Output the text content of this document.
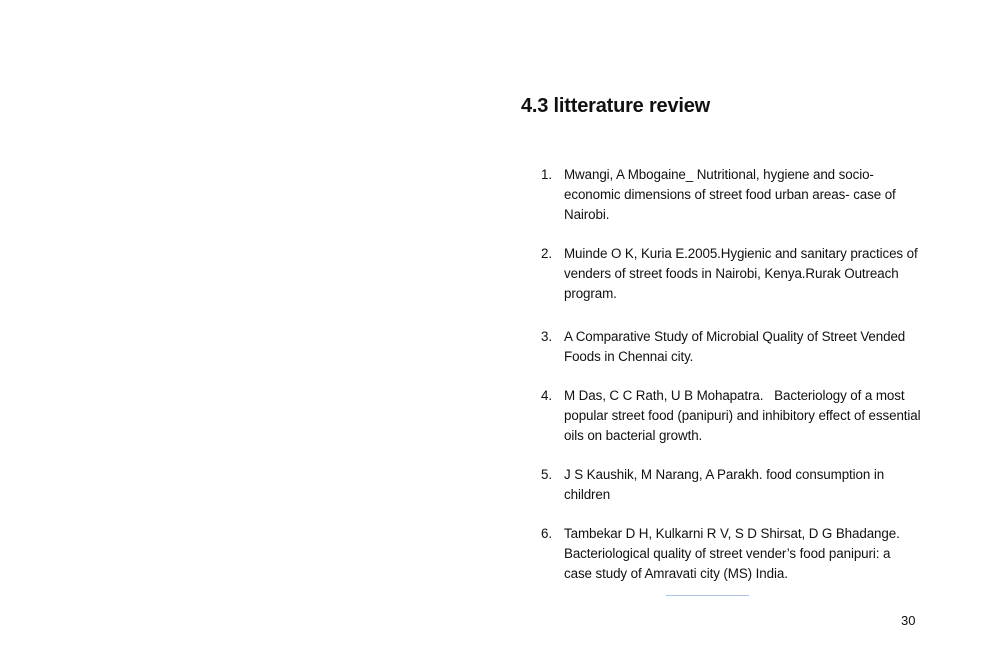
4.3 litterature review
1. Mwangi, A Mbogaine_ Nutritional, hygiene and socio-economic dimensions of street food urban areas- case of Nairobi.
2. Muinde O K, Kuria E.2005.Hygienic and sanitary practices of venders of street foods in Nairobi, Kenya.Rurak Outreach program.
3. A Comparative Study of Microbial Quality of Street Vended Foods in Chennai city.
4. M Das, C C Rath, U B Mohapatra.   Bacteriology of a most popular street food (panipuri) and inhibitory effect of essential oils on bacterial growth.
5. J S Kaushik, M Narang, A Parakh. food consumption in children
6. Tambekar D H, Kulkarni R V, S D Shirsat, D G Bhadange. Bacteriological quality of street vender’s food panipuri: a case study of Amravati city (MS) India.
30
